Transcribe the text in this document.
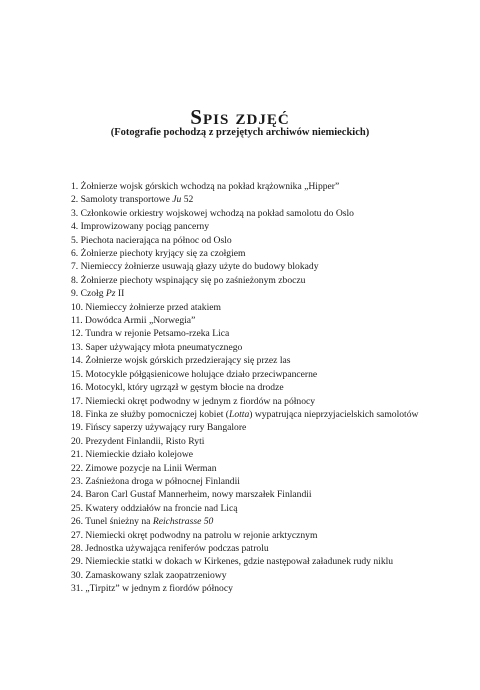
Spis zdjęć

(Fotografie pochodzą z przejętych archiwów niemieckich)

1. Żołnierze wojsk górskich wchodzą na pokład krążownika „Hipper”
2. Samoloty transportowe Ju 52
3. Członkowie orkiestry wojskowej wchodzą na pokład samolotu do Oslo
4. Improwizowany pociąg pancerny
5. Piechota nacierająca na północ od Oslo
6. Żołnierze piechoty kryjący się za czołgiem
7. Niemieccy żołnierze usuwają głazy użyte do budowy blokady
8. Żołnierze piechoty wspinający się po zaśnieżonym zboczu
9. Czołg Pz II
10. Niemieccy żołnierze przed atakiem
11. Dowódca Armii „Norwegia”
12. Tundra w rejonie Petsamo-rzeka Lica
13. Saper używający młota pneumatycznego
14. Żołnierze wojsk górskich przedzierający się przez las
15. Motocykle półgąsienicowe holujące działo przeciwpancerne
16. Motocykl, który ugrzązł w gęstym błocie na drodze
17. Niemiecki okręt podwodny w jednym z fiordów na północy
18. Finka ze służby pomocniczej kobiet (Lotta) wypatrująca nieprzyjacielskich samolotów
19. Fińscy saperzy używający rury Bangalore
20. Prezydent Finlandii, Risto Ryti
21. Niemieckie działo kolejowe
22. Zimowe pozycje na Linii Werman
23. Zaśnieżona droga w północnej Finlandii
24. Baron Carl Gustaf Mannerheim, nowy marszałek Finlandii
25. Kwatery oddziałów na froncie nad Licą
26. Tunel śnieżny na Reichstrasse 50
27. Niemiecki okręt podwodny na patrolu w rejonie arktycznym
28. Jednostka używająca reniferów podczas patrolu
29. Niemieckie statki w dokach w Kirkenes, gdzie następował załadunek rudy niklu
30. Zamaskowany szlak zaopatrzeniowy
31. „Tirpitz” w jednym z fiordów północy
